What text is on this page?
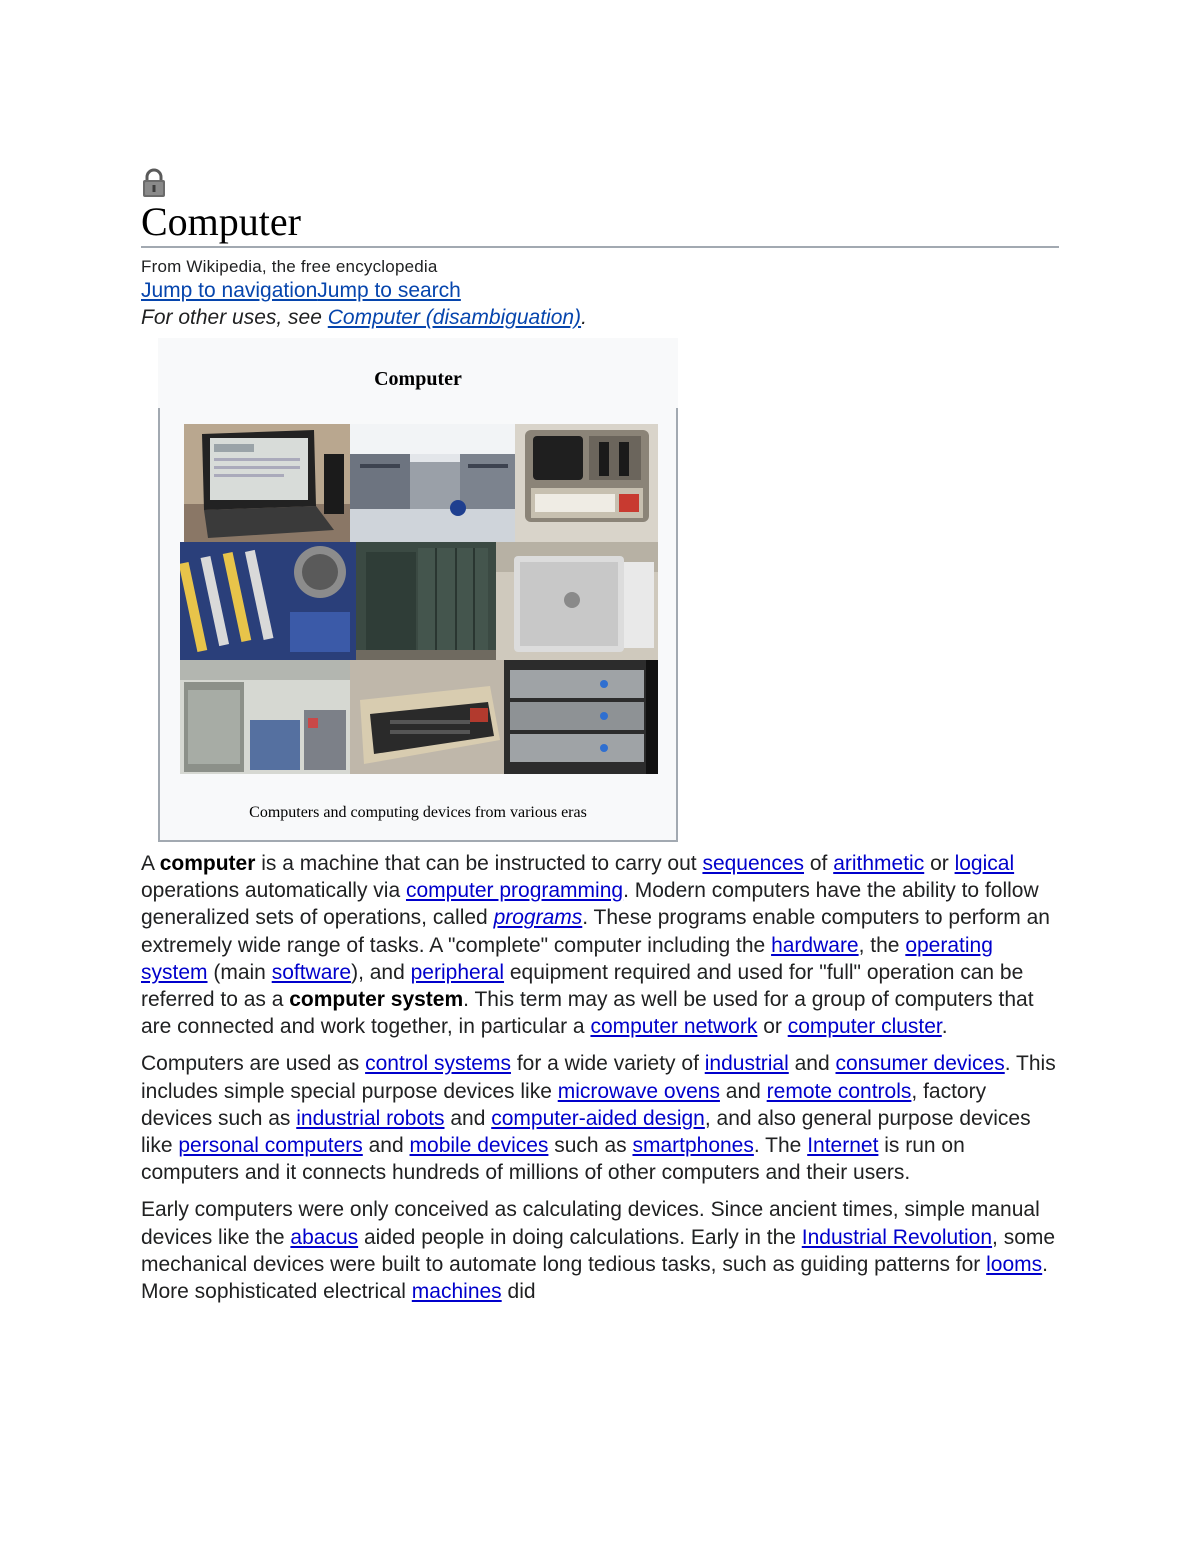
Computer
From Wikipedia, the free encyclopedia
Jump to navigationJump to search
For other uses, see Computer (disambiguation).
Computer
Computers and computing devices from various eras

A computer is a machine that can be instructed to carry out sequences of arithmetic or logical operations automatically via computer programming. Modern computers have the ability to follow generalized sets of operations, called programs. These programs enable computers to perform an extremely wide range of tasks. A "complete" computer including the hardware, the operating system (main software), and peripheral equipment required and used for "full" operation can be referred to as a computer system. This term may as well be used for a group of computers that are connected and work together, in particular a computer network or computer cluster.

Computers are used as control systems for a wide variety of industrial and consumer devices. This includes simple special purpose devices like microwave ovens and remote controls, factory devices such as industrial robots and computer-aided design, and also general purpose devices like personal computers and mobile devices such as smartphones. The Internet is run on computers and it connects hundreds of millions of other computers and their users.

Early computers were only conceived as calculating devices. Since ancient times, simple manual devices like the abacus aided people in doing calculations. Early in the Industrial Revolution, some mechanical devices were built to automate long tedious tasks, such as guiding patterns for looms. More sophisticated electrical machines did
